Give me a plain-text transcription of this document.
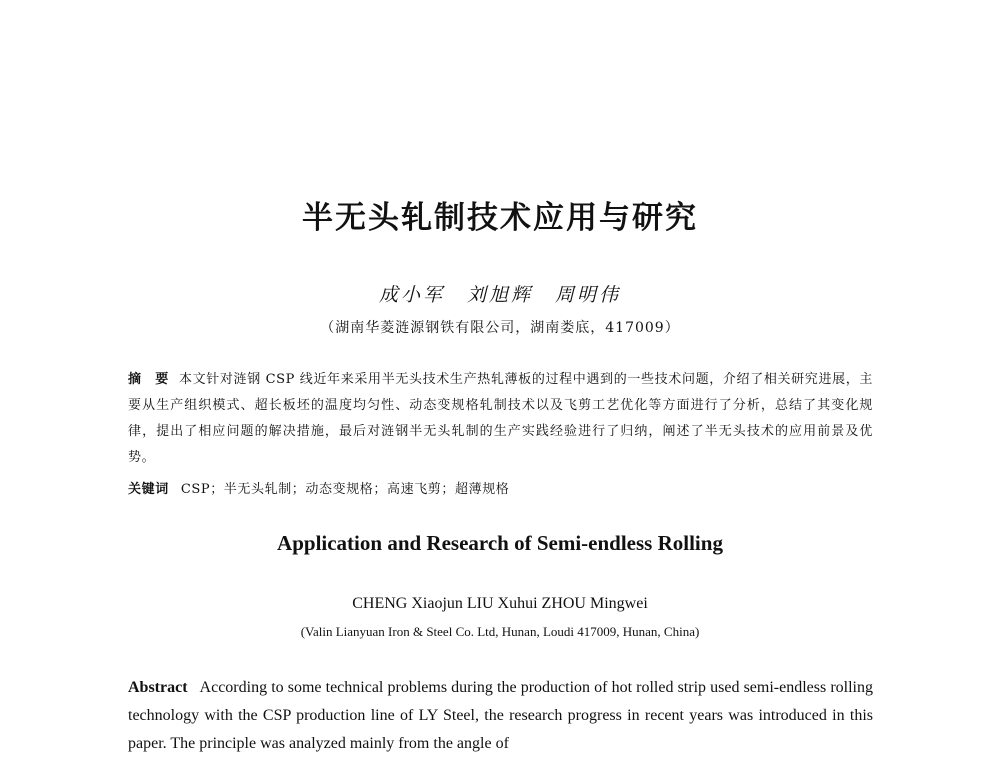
半无头轧制技术应用与研究
成小军　刘旭辉　周明伟
（湖南华菱涟源钢铁有限公司，湖南娄底，417009）
摘　要 本文针对涟钢 CSP 线近年来采用半无头技术生产热轧薄板的过程中遇到的一些技术问题，介绍了相关研究进展，主要从生产组织模式、超长板坯的温度均匀性、动态变规格轧制技术以及飞剪工艺优化等方面进行了分析，总结了其变化规律，提出了相应问题的解决措施，最后对涟钢半无头轧制的生产实践经验进行了归纳，阐述了半无头技术的应用前景及优势。
关键词 CSP；半无头轧制；动态变规格；高速飞剪；超薄规格
Application and Research of Semi-endless Rolling
CHENG Xiaojun LIU Xuhui ZHOU Mingwei
(Valin Lianyuan Iron & Steel Co. Ltd, Hunan, Loudi 417009, Hunan, China)
Abstract According to some technical problems during the production of hot rolled strip used semi-endless rolling technology with the CSP production line of LY Steel, the research progress in recent years was introduced in this paper. The principle was analyzed mainly from the angle of
